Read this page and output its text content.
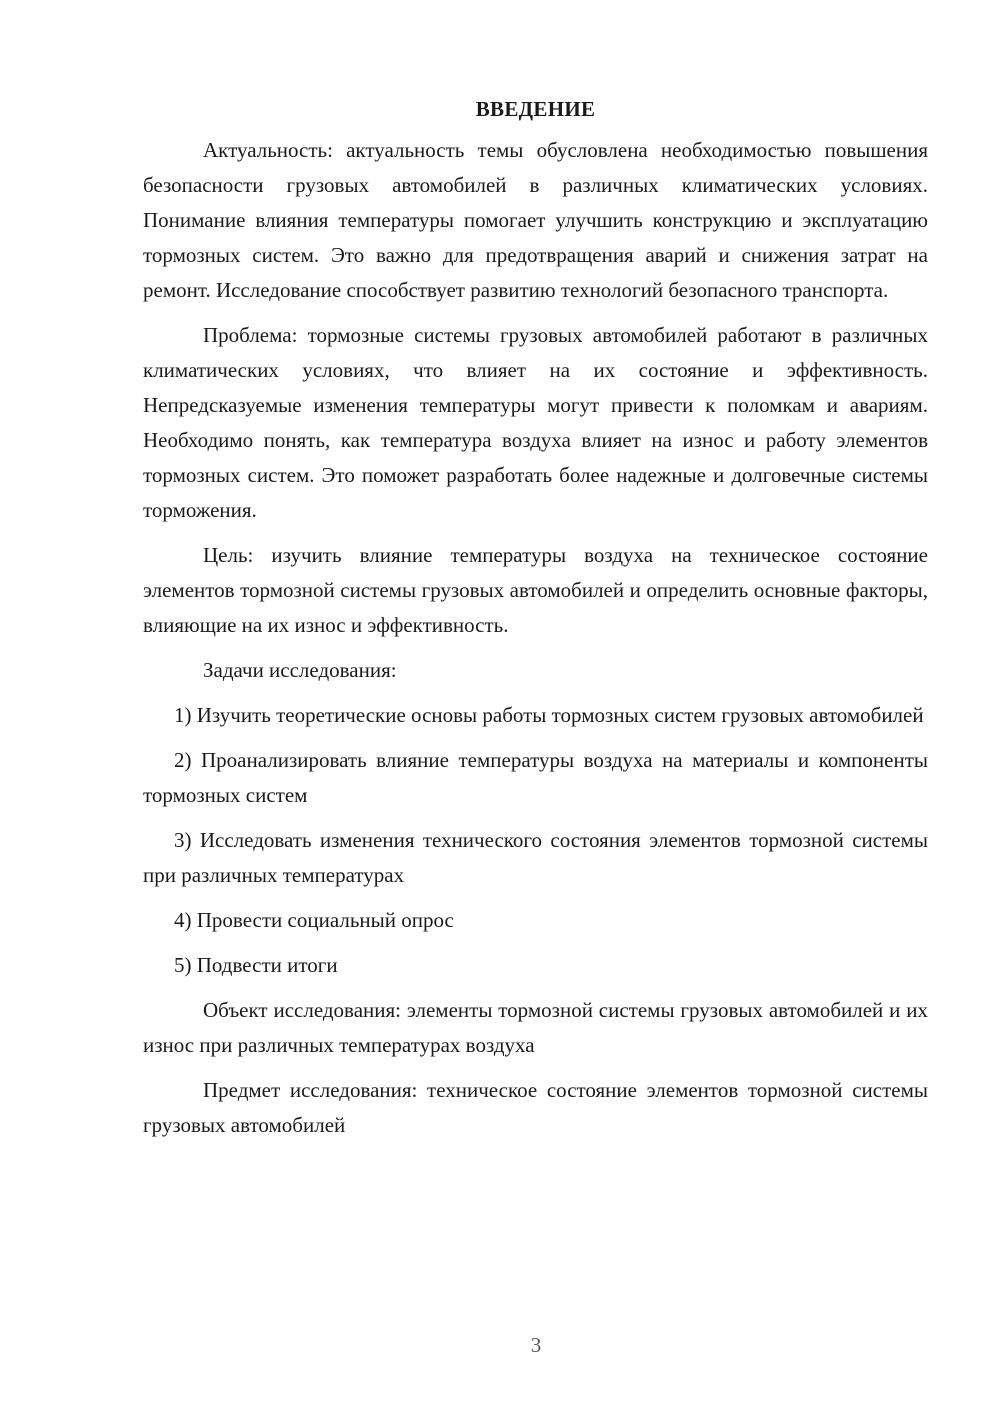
ВВЕДЕНИЕ

Актуальность: актуальность темы обусловлена необходимостью повышения безопасности грузовых автомобилей в различных климатических условиях. Понимание влияния температуры помогает улучшить конструкцию и эксплуатацию тормозных систем. Это важно для предотвращения аварий и снижения затрат на ремонт. Исследование способствует развитию технологий безопасного транспорта.

Проблема: тормозные системы грузовых автомобилей работают в различных климатических условиях, что влияет на их состояние и эффективность. Непредсказуемые изменения температуры могут привести к поломкам и авариям. Необходимо понять, как температура воздуха влияет на износ и работу элементов тормозных систем. Это поможет разработать более надежные и долговечные системы торможения.

Цель: изучить влияние температуры воздуха на техническое состояние элементов тормозной системы грузовых автомобилей и определить основные факторы, влияющие на их износ и эффективность.

Задачи исследования:

1) Изучить теоретические основы работы тормозных систем грузовых автомобилей

2) Проанализировать влияние температуры воздуха на материалы и компоненты тормозных систем

3) Исследовать изменения технического состояния элементов тормозной системы при различных температурах

4) Провести социальный опрос

5) Подвести итоги

Объект исследования: элементы тормозной системы грузовых автомобилей и их износ при различных температурах воздуха

Предмет исследования: техническое состояние элементов тормозной системы грузовых автомобилей

3
